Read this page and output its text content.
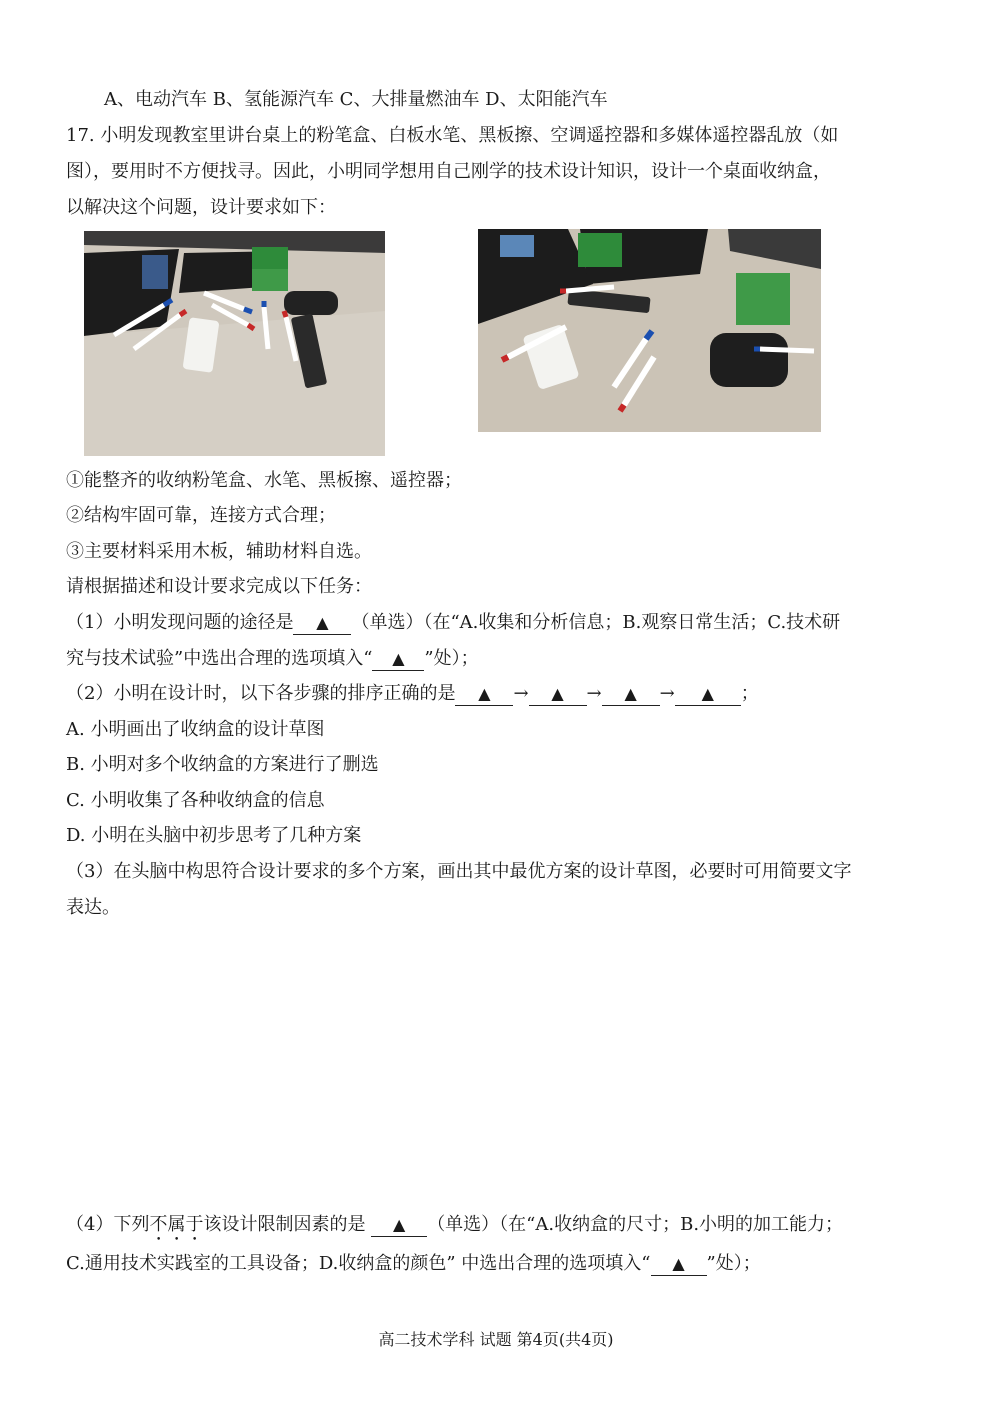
A、电动汽车 B、氢能源汽车 C、大排量燃油车 D、太阳能汽车
17. 小明发现教室里讲台桌上的粉笔盒、白板水笔、黑板擦、空调遥控器和多媒体遥控器乱放（如
图），要用时不方便找寻。因此，小明同学想用自己刚学的技术设计知识，设计一个桌面收纳盒，
以解决这个问题，设计要求如下：
①能整齐的收纳粉笔盒、水笔、黑板擦、遥控器；
②结构牢固可靠，连接方式合理；
③主要材料采用木板，辅助材料自选。
请根据描述和设计要求完成以下任务：
（1）小明发现问题的途径是 ▲ （单选）（在“A.收集和分析信息；B.观察日常生活；C.技术研
究与技术试验”中选出合理的选项填入“ ▲ ”处）；
（2）小明在设计时，以下各步骤的排序正确的是 ▲ → ▲ → ▲ → ▲ ；
A. 小明画出了收纳盒的设计草图
B. 小明对多个收纳盒的方案进行了删选
C. 小明收集了各种收纳盒的信息
D. 小明在头脑中初步思考了几种方案
（3）在头脑中构思符合设计要求的多个方案，画出其中最优方案的设计草图，必要时可用简要文字
表达。
（4）下列不属于该设计限制因素的是 ▲ （单选）（在“A.收纳盒的尺寸；B.小明的加工能力；
C.通用技术实践室的工具设备；D.收纳盒的颜色” 中选出合理的选项填入“ ▲ ”处）；
高二技术学科 试题 第4页(共4页)
